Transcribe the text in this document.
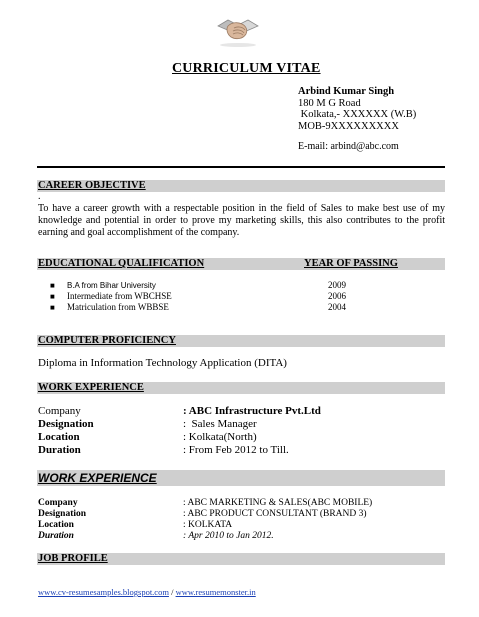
CURRICULUM VITAE
Arbind Kumar Singh
180 M G Road
Kolkata,- XXXXXX (W.B)
MOB-9XXXXXXXXX
E-mail: arbind@abc.com
CAREER OBJECTIVE
.
To have a career growth with a respectable position in the field of Sales to make best use of my knowledge and potential in order to prove my marketing skills, this also contributes to the profit earning and goal accomplishment of the company.
EDUCATIONAL QUALIFICATION	YEAR OF PASSING
■ B.A from Bihar University	2009
■ Intermediate from WBCHSE	2006
■ Matriculation from WBBSE	2004
COMPUTER PROFICIENCY
Diploma in Information Technology Application (DITA)
WORK EXPERIENCE
Company	: ABC Infrastructure Pvt.Ltd
Designation	:  Sales Manager
Location	: Kolkata(North)
Duration	: From Feb 2012 to Till.
WORK EXPERIENCE
Company	: ABC MARKETING & SALES(ABC MOBILE)
Designation	: ABC PRODUCT CONSULTANT (BRAND 3)
Location	: KOLKATA
Duration	: Apr 2010 to Jan 2012.
JOB PROFILE
www.cv-resumesamples.blogspot.com / www.resumemonster.in
